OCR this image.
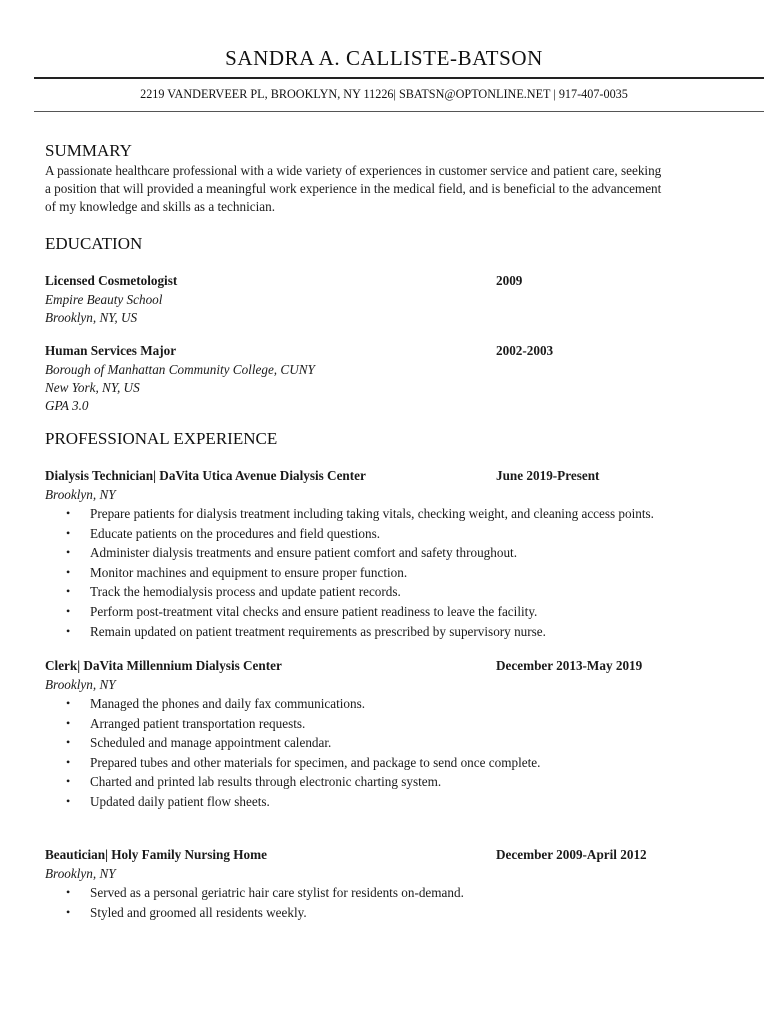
SANDRA A. CALLISTE-BATSON
2219 VANDERVEER PL, BROOKLYN, NY 11226| SBATSN@OPTONLINE.NET | 917-407-0035
SUMMARY
A passionate healthcare professional with a wide variety of experiences in customer service and patient care, seeking
a position that will provided a meaningful work experience in the medical field, and is beneficial to the advancement
of my knowledge and skills as a technician.
EDUCATION
Licensed Cosmetologist	2009
Empire Beauty School
Brooklyn, NY, US
Human Services Major	2002-2003
Borough of Manhattan Community College, CUNY
New York, NY, US
GPA 3.0
PROFESSIONAL EXPERIENCE
Dialysis Technician| DaVita Utica Avenue Dialysis Center	June 2019-Present
Brooklyn, NY
• Prepare patients for dialysis treatment including taking vitals, checking weight, and cleaning access points.
• Educate patients on the procedures and field questions.
• Administer dialysis treatments and ensure patient comfort and safety throughout.
• Monitor machines and equipment to ensure proper function.
• Track the hemodialysis process and update patient records.
• Perform post-treatment vital checks and ensure patient readiness to leave the facility.
• Remain updated on patient treatment requirements as prescribed by supervisory nurse.
Clerk| DaVita Millennium Dialysis Center	December 2013-May 2019
Brooklyn, NY
• Managed the phones and daily fax communications.
• Arranged patient transportation requests.
• Scheduled and manage appointment calendar.
• Prepared tubes and other materials for specimen, and package to send once complete.
• Charted and printed lab results through electronic charting system.
• Updated daily patient flow sheets.
Beautician| Holy Family Nursing Home	December 2009-April 2012
Brooklyn, NY
• Served as a personal geriatric hair care stylist for residents on-demand.
• Styled and groomed all residents weekly.
